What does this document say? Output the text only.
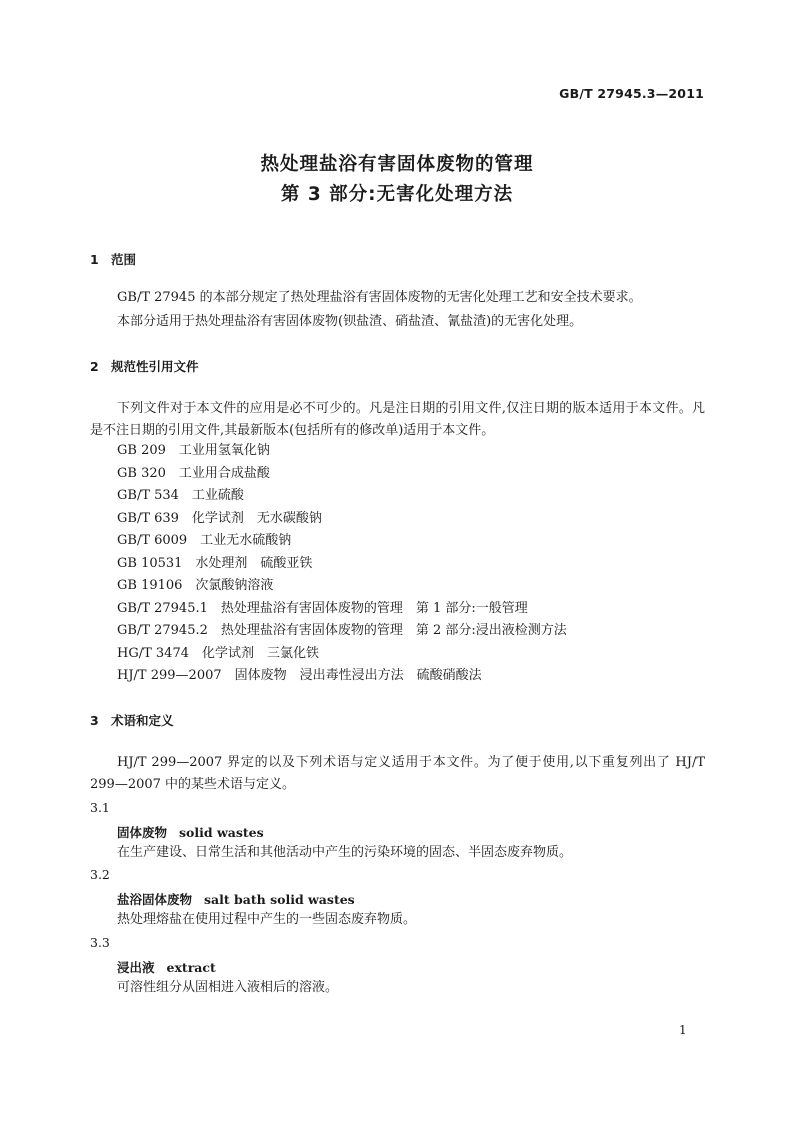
GB/T 27945.3—2011
热处理盐浴有害固体废物的管理
第 3 部分:无害化处理方法
1 范围
GB/T 27945 的本部分规定了热处理盐浴有害固体废物的无害化处理工艺和安全技术要求。
本部分适用于热处理盐浴有害固体废物(钡盐渣、硝盐渣、氰盐渣)的无害化处理。
2 规范性引用文件
下列文件对于本文件的应用是必不可少的。凡是注日期的引用文件,仅注日期的版本适用于本文件。凡是不注日期的引用文件,其最新版本(包括所有的修改单)适用于本文件。
GB 209　工业用氢氧化钠
GB 320　工业用合成盐酸
GB/T 534　工业硫酸
GB/T 639　化学试剂　无水碳酸钠
GB/T 6009　工业无水硫酸钠
GB 10531　水处理剂　硫酸亚铁
GB 19106　次氯酸钠溶液
GB/T 27945.1　热处理盐浴有害固体废物的管理　第 1 部分:一般管理
GB/T 27945.2　热处理盐浴有害固体废物的管理　第 2 部分:浸出液检测方法
HG/T 3474　化学试剂　三氯化铁
HJ/T 299—2007　固体废物　浸出毒性浸出方法　硫酸硝酸法
3 术语和定义
HJ/T 299—2007 界定的以及下列术语与定义适用于本文件。为了便于使用,以下重复列出了 HJ/T 299—2007 中的某些术语与定义。
3.1
固体废物 solid wastes
在生产建设、日常生活和其他活动中产生的污染环境的固态、半固态废弃物质。
3.2
盐浴固体废物 salt bath solid wastes
热处理熔盐在使用过程中产生的一些固态废弃物质。
3.3
浸出液 extract
可溶性组分从固相进入液相后的溶液。
1
